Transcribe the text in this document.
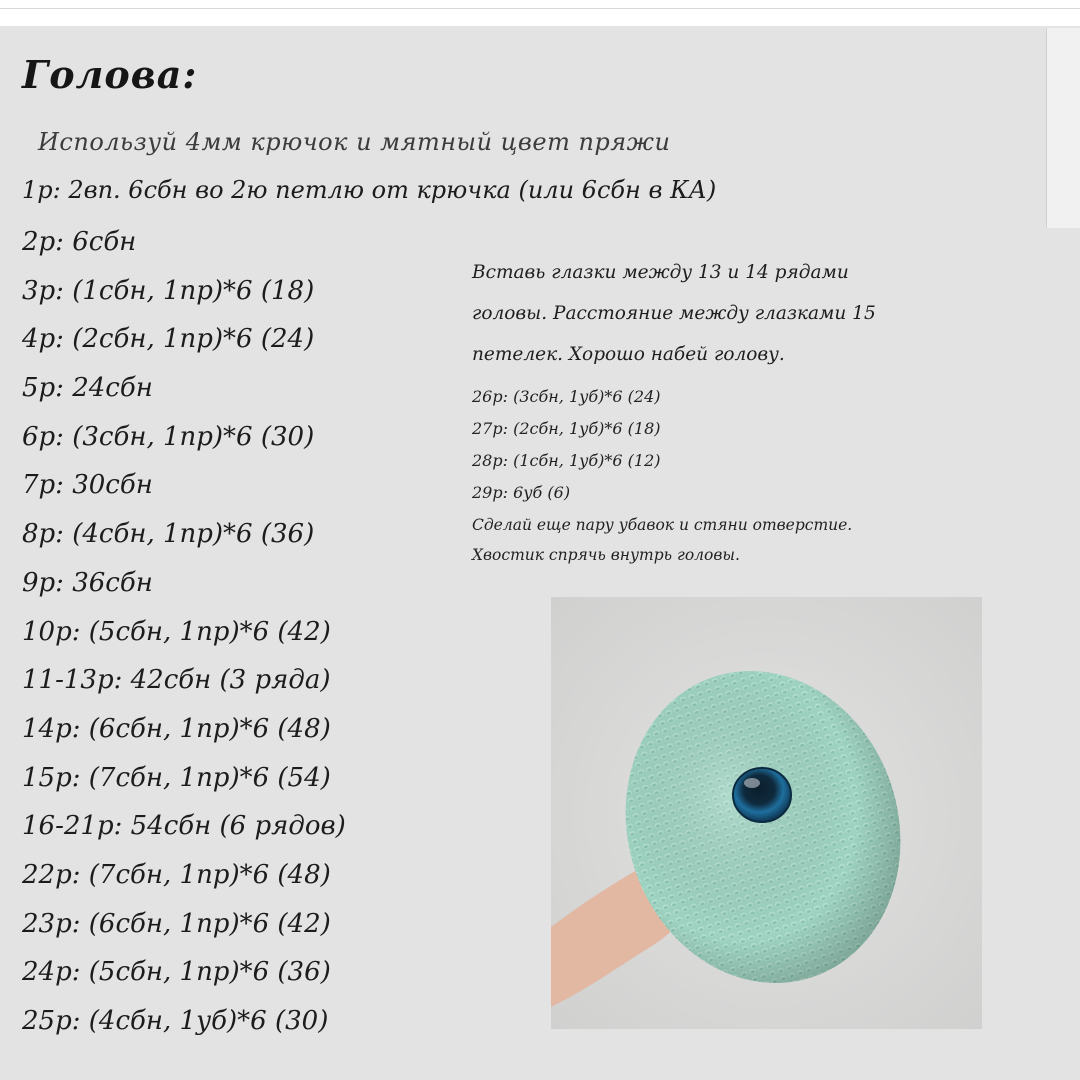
Голова:
Используй 4мм крючок и мятный цвет пряжи
1р: 2вп. 6сбн во 2ю петлю от крючка (или 6сбн в КА)
2р: 6сбн
3р: (1сбн, 1пр)*6 (18)
4р: (2сбн, 1пр)*6 (24)
5р: 24сбн
6р: (3сбн, 1пр)*6 (30)
7р: 30сбн
8р: (4сбн, 1пр)*6 (36)
9р: 36сбн
10р: (5сбн, 1пр)*6 (42)
11-13р: 42сбн (3 ряда)
14р: (6сбн, 1пр)*6 (48)
15р: (7сбн, 1пр)*6 (54)
16-21р: 54сбн (6 рядов)
22р: (7сбн, 1пр)*6 (48)
23р: (6сбн, 1пр)*6 (42)
24р: (5сбн, 1пр)*6 (36)
25р: (4сбн, 1уб)*6 (30)

Вставь глазки между 13 и 14 рядами

головы. Расстояние между глазками 15

петелек. Хорошо набей голову.

26р: (3сбн, 1уб)*6 (24)
27р: (2сбн, 1уб)*6 (18)
28р: (1сбн, 1уб)*6 (12)
29р: 6уб (6)

Сделай еще пару убавок и стяни отверстие.

Хвостик спрячь внутрь головы.
